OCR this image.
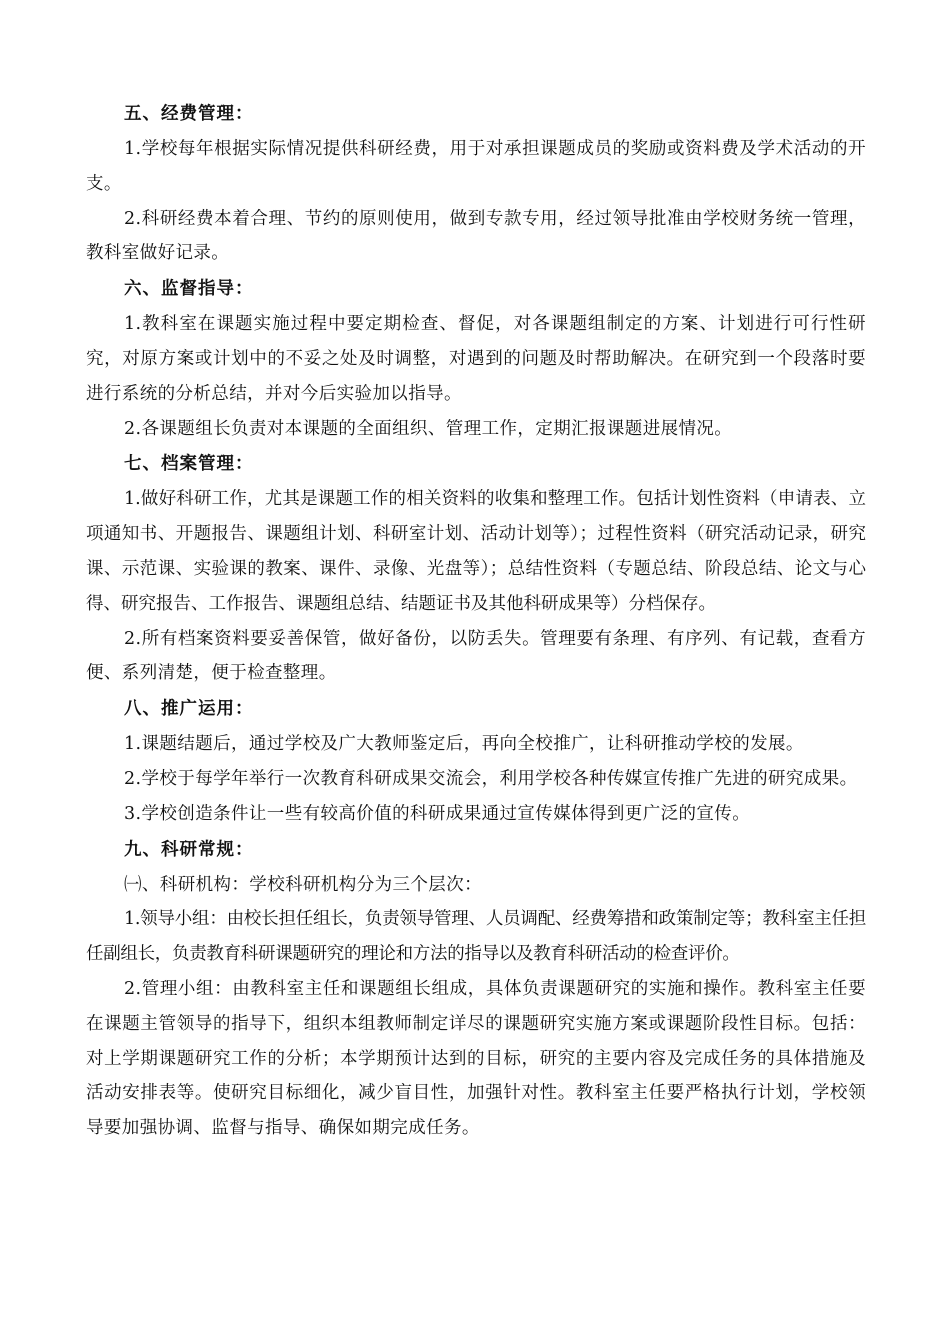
五、经费管理：

1.学校每年根据实际情况提供科研经费，用于对承担课题成员的奖励或资料费及学术活动的开支。

2.科研经费本着合理、节约的原则使用，做到专款专用，经过领导批准由学校财务统一管理，教科室做好记录。

六、监督指导：

1.教科室在课题实施过程中要定期检查、督促，对各课题组制定的方案、计划进行可行性研究，对原方案或计划中的不妥之处及时调整，对遇到的问题及时帮助解决。在研究到一个段落时要进行系统的分析总结，并对今后实验加以指导。

2.各课题组长负责对本课题的全面组织、管理工作，定期汇报课题进展情况。

七、档案管理：

1.做好科研工作，尤其是课题工作的相关资料的收集和整理工作。包括计划性资料（申请表、立项通知书、开题报告、课题组计划、科研室计划、活动计划等）；过程性资料（研究活动记录，研究课、示范课、实验课的教案、课件、录像、光盘等）；总结性资料（专题总结、阶段总结、论文与心得、研究报告、工作报告、课题组总结、结题证书及其他科研成果等）分档保存。

2.所有档案资料要妥善保管，做好备份，以防丢失。管理要有条理、有序列、有记载，查看方便、系列清楚，便于检查整理。

八、推广运用：

1.课题结题后，通过学校及广大教师鉴定后，再向全校推广，让科研推动学校的发展。

2.学校于每学年举行一次教育科研成果交流会，利用学校各种传媒宣传推广先进的研究成果。

3.学校创造条件让一些有较高价值的科研成果通过宣传媒体得到更广泛的宣传。

九、科研常规：

㈠、科研机构：学校科研机构分为三个层次：

1.领导小组：由校长担任组长，负责领导管理、人员调配、经费筹措和政策制定等；教科室主任担任副组长，负责教育科研课题研究的理论和方法的指导以及教育科研活动的检查评价。

2.管理小组：由教科室主任和课题组长组成，具体负责课题研究的实施和操作。教科室主任要在课题主管领导的指导下，组织本组教师制定详尽的课题研究实施方案或课题阶段性目标。包括：对上学期课题研究工作的分析；本学期预计达到的目标，研究的主要内容及完成任务的具体措施及活动安排表等。使研究目标细化，减少盲目性，加强针对性。教科室主任要严格执行计划，学校领导要加强协调、监督与指导、确保如期完成任务。
